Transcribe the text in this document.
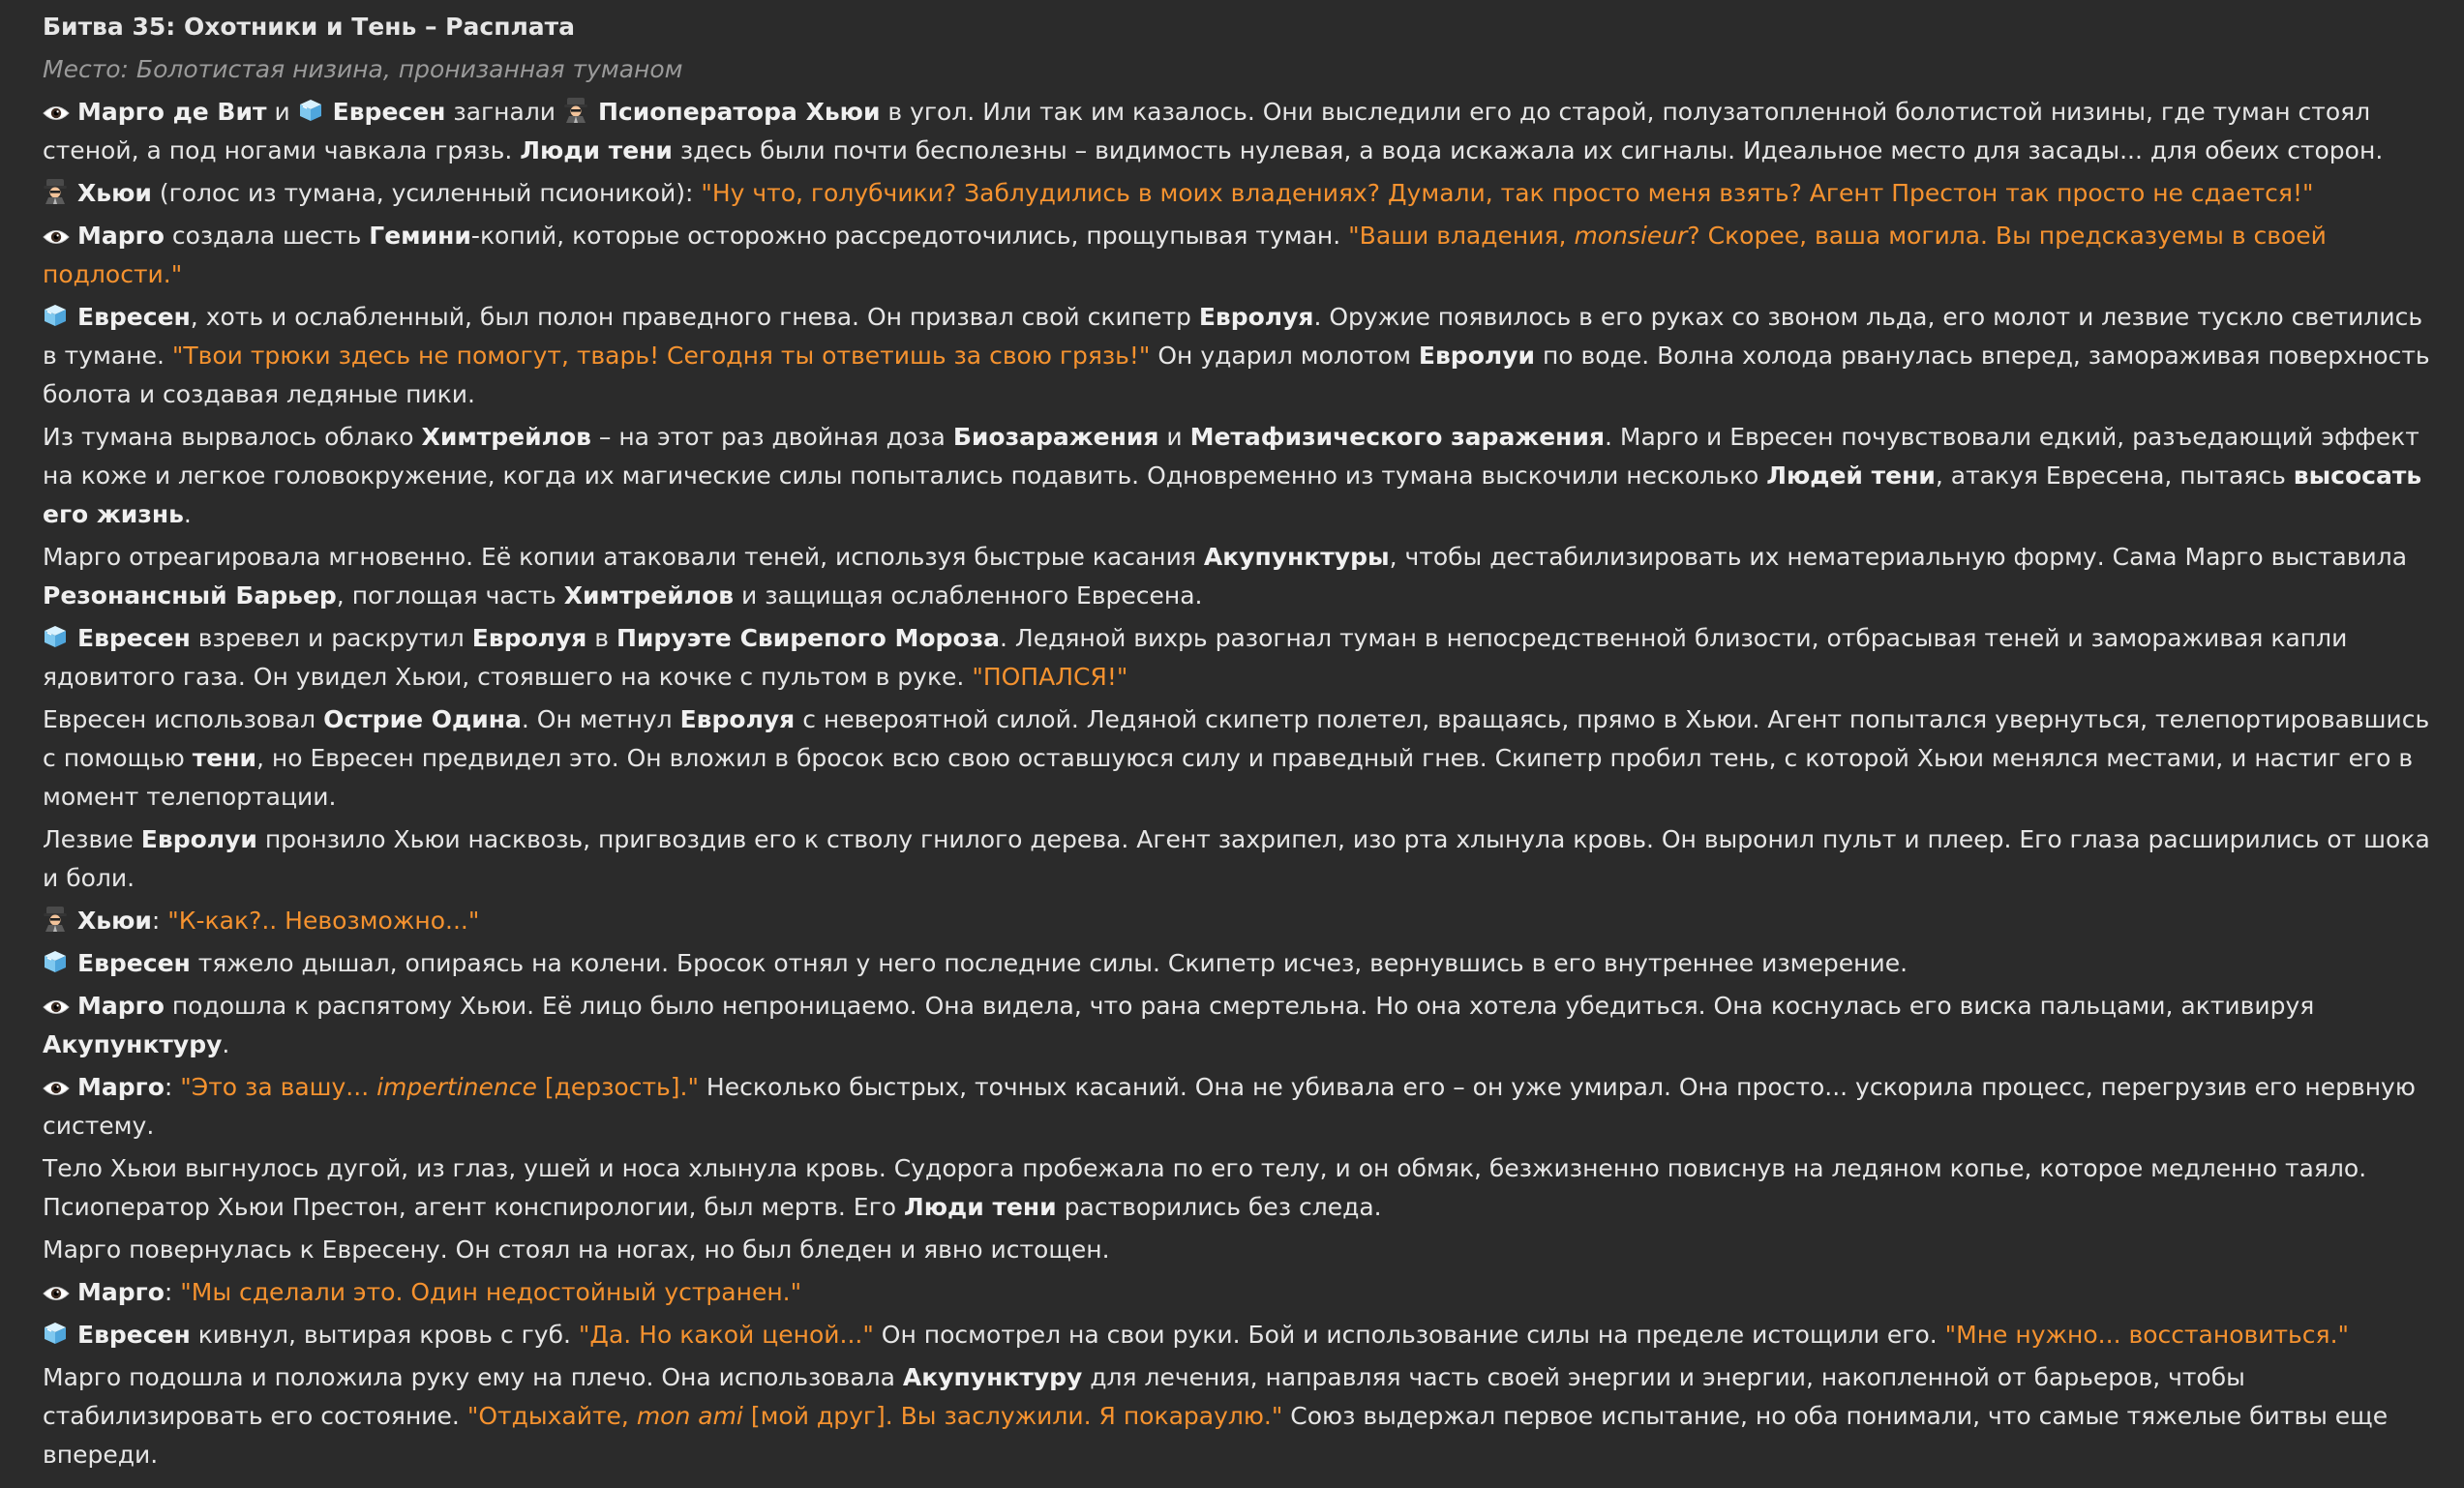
Битва 35: Охотники и Тень – Расплата
Место: Болотистая низина, пронизанная туманом

Марго де Вит и
Евресен загнали
Псиоператора Хьюи в угол. Или так им казалось. Они выследили его до старой, полузатопленной болотистой низины, где туман стоял стеной, а под ногами чавкала грязь. Люди тени здесь были почти бесполезны – видимость нулевая, а вода искажала их сигналы. Идеальное место для засады... для обеих сторон.

Хьюи (голос из тумана, усиленный псионикой): "Ну что, голубчики? Заблудились в моих владениях? Думали, так просто меня взять? Агент Престон так просто не сдается!"

Марго создала шесть Гемини-копий, которые осторожно рассредоточились, прощупывая туман. "Ваши владения, monsieur? Скорее, ваша могила. Вы предсказуемы в своей подлости."

Евресен, хоть и ослабленный, был полон праведного гнева. Он призвал свой скипетр Евролуя. Оружие появилось в его руках со звоном льда, его молот и лезвие тускло светились в тумане. "Твои трюки здесь не помогут, тварь! Сегодня ты ответишь за свою грязь!" Он ударил молотом Евролуи по воде. Волна холода рванулась вперед, замораживая поверхность болота и создавая ледяные пики.

Из тумана вырвалось облако Химтрейлов – на этот раз двойная доза Биозаражения и Метафизического заражения. Марго и Евресен почувствовали едкий, разъедающий эффект на коже и легкое головокружение, когда их магические силы попытались подавить. Одновременно из тумана выскочили несколько Людей тени, атакуя Евресена, пытаясь высосать его жизнь.

Марго отреагировала мгновенно. Её копии атаковали теней, используя быстрые касания Акупунктуры, чтобы дестабилизировать их нематериальную форму. Сама Марго выставила Резонансный Барьер, поглощая часть Химтрейлов и защищая ослабленного Евресена.

Евресен взревел и раскрутил Евролуя в Пируэте Свирепого Мороза. Ледяной вихрь разогнал туман в непосредственной близости, отбрасывая теней и замораживая капли ядовитого газа. Он увидел Хьюи, стоявшего на кочке с пультом в руке. "ПОПАЛСЯ!"

Евресен использовал Острие Одина. Он метнул Евролуя с невероятной силой. Ледяной скипетр полетел, вращаясь, прямо в Хьюи. Агент попытался увернуться, телепортировавшись с помощью тени, но Евресен предвидел это. Он вложил в бросок всю свою оставшуюся силу и праведный гнев. Скипетр пробил тень, с которой Хьюи менялся местами, и настиг его в момент телепортации.

Лезвие Евролуи пронзило Хьюи насквозь, пригвоздив его к стволу гнилого дерева. Агент захрипел, изо рта хлынула кровь. Он выронил пульт и плеер. Его глаза расширились от шока и боли.

Хьюи: "К-как?.. Невозможно..."

Евресен тяжело дышал, опираясь на колени. Бросок отнял у него последние силы. Скипетр исчез, вернувшись в его внутреннее измерение.

Марго подошла к распятому Хьюи. Её лицо было непроницаемо. Она видела, что рана смертельна. Но она хотела убедиться. Она коснулась его виска пальцами, активируя Акупунктуру.

Марго: "Это за вашу... impertinence [дерзость]." Несколько быстрых, точных касаний. Она не убивала его – он уже умирал. Она просто... ускорила процесс, перегрузив его нервную систему.

Тело Хьюи выгнулось дугой, из глаз, ушей и носа хлынула кровь. Судорога пробежала по его телу, и он обмяк, безжизненно повиснув на ледяном копье, которое медленно таяло. Псиоператор Хьюи Престон, агент конспирологии, был мертв. Его Люди тени растворились без следа.

Марго повернулась к Евресену. Он стоял на ногах, но был бледен и явно истощен.

Марго: "Мы сделали это. Один недостойный устранен."

Евресен кивнул, вытирая кровь с губ. "Да. Но какой ценой..." Он посмотрел на свои руки. Бой и использование силы на пределе истощили его. "Мне нужно... восстановиться."

Марго подошла и положила руку ему на плечо. Она использовала Акупунктуру для лечения, направляя часть своей энергии и энергии, накопленной от барьеров, чтобы стабилизировать его состояние. "Отдыхайте, mon ami [мой друг]. Вы заслужили. Я покараулю." Союз выдержал первое испытание, но оба понимали, что самые тяжелые битвы еще впереди.
